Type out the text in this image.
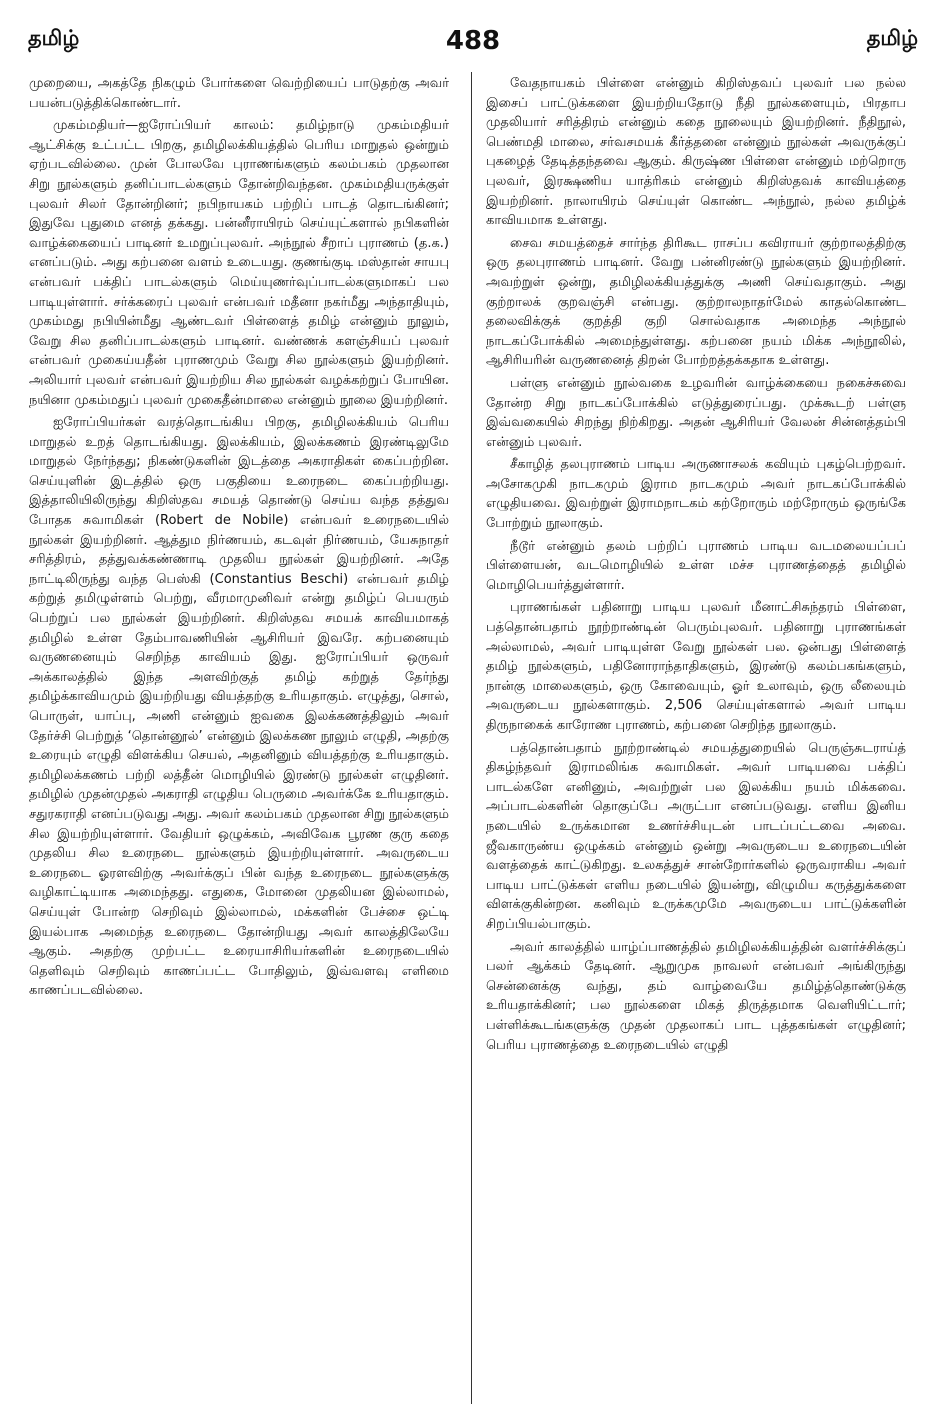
தமிழ்	488	தமிழ்

முறையை, அகத்தே நிகழும் போர்களை வெற்றியைப் பாடுதற்கு அவர் பயன்படுத்திக்கொண்டார்.

முகம்மதியர்—ஐரோப்பியர் காலம்: தமிழ்நாடு முகம்மதியர் ஆட்சிக்கு உட்பட்ட பிறகு, தமிழிலக்கியத்தில் பெரிய மாறுதல் ஒன்றும் ஏற்படவில்லை. முன் போலவே புராணங்களும் கலம்பகம் முதலான சிறு நூல்களும் தனிப்பாடல்களும் தோன்றிவந்தன. முகம்மதியருக்குள் புலவர் சிலர் தோன்றினர்; நபிநாயகம் பற்றிப் பாடத் தொடங்கினர்; இதுவே புதுமை எனத் தக்கது. பன்னீராயிரம் செய்யுட்களால் நபிகளின் வாழ்க்கையைப் பாடினர் உமறுப்புலவர். அந்நூல் சீறாப் புராணம் (த.க.) எனப்படும். அது கற்பனை வளம் உடையது. குணங்குடி மஸ்தான் சாயபு என்பவர் பக்திப் பாடல்களும் மெய்யுணர்வுப்பாடல்களுமாகப் பல பாடியுள்ளார். சர்க்கரைப் புலவர் என்பவர் மதீனா நகர்மீது அந்தாதியும், முகம்மது நபியின்மீது ஆண்டவர் பிள்ளைத் தமிழ் என்னும் நூலும், வேறு சில தனிப்பாடல்களும் பாடினர். வண்ணக் களஞ்சியப் புலவர் என்பவர் முகைய்யதீன் புராணமும் வேறு சில நூல்களும் இயற்றினர். அலியார் புலவர் என்பவர் இயற்றிய சில நூல்கள் வழக்கற்றுப் போயின. நயினா முகம்மதுப் புலவர் முகைதீன்மாலை என்னும் நூலை இயற்றினர்.

ஐரோப்பியர்கள் வரத்தொடங்கிய பிறகு, தமிழிலக்கியம் பெரிய மாறுதல் உறத் தொடங்கியது. இலக்கியம், இலக்கணம் இரண்டிலுமே மாறுதல் நேர்ந்தது; நிகண்டுகளின் இடத்தை அகராதிகள் கைப்பற்றின. செய்யுளின் இடத்தில் ஒரு பகுதியை உரைநடை கைப்பற்றியது. இத்தாலியிலிருந்து கிறிஸ்தவ சமயத் தொண்டு செய்ய வந்த தத்துவ போதக சுவாமிகள் (Robert de Nobile) என்பவர் உரைநடையில் நூல்கள் இயற்றினர். ஆத்தும நிர்ணயம், கடவுள் நிர்ணயம், யேசுநாதர் சரித்திரம், தத்துவக்கண்ணாடி முதலிய நூல்கள் இயற்றினர். அதே நாட்டிலிருந்து வந்த பெஸ்கி (Constantius Beschi) என்பவர் தமிழ் கற்றுத் தமிழுள்ளம் பெற்று, வீரமாமுனிவர் என்று தமிழ்ப் பெயரும் பெற்றுப் பல நூல்கள் இயற்றினர். கிறிஸ்தவ சமயக் காவியமாகத் தமிழில் உள்ள தேம்பாவணியின் ஆசிரியர் இவரே. கற்பனையும் வருணனையும் செறிந்த காவியம் இது. ஐரோப்பியர் ஒருவர் அக்காலத்தில் இந்த அளவிற்குத் தமிழ் கற்றுத் தேர்ந்து தமிழ்க்காவியமும் இயற்றியது வியத்தற்கு உரியதாகும். எழுத்து, சொல், பொருள், யாப்பு, அணி என்னும் ஐவகை இலக்கணத்திலும் அவர் தேர்ச்சி பெற்றுத் ‘தொன்னூல்’ என்னும் இலக்கண நூலும் எழுதி, அதற்கு உரையும் எழுதி விளக்கிய செயல், அதனினும் வியத்தற்கு உரியதாகும். தமிழிலக்கணம் பற்றி லத்தீன் மொழியில் இரண்டு நூல்கள் எழுதினர். தமிழில் முதன்முதல் அகராதி எழுதிய பெருமை அவர்க்கே உரியதாகும். சதுரகராதி எனப்படுவது அது. அவர் கலம்பகம் முதலான சிறு நூல்களும் சில இயற்றியுள்ளார். வேதியர் ஒழுக்கம், அவிவேக பூரண குரு கதை முதலிய சில உரைநடை நூல்களும் இயற்றியுள்ளார். அவருடைய உரைநடை ஓரளவிற்கு அவர்க்குப் பின் வந்த உரைநடை நூல்களுக்கு வழிகாட்டியாக அமைந்தது. எதுகை, மோனை முதலியன இல்லாமல், செய்யுள் போன்ற செறிவும் இல்லாமல், மக்களின் பேச்சை ஒட்டி இயல்பாக அமைந்த உரைநடை தோன்றியது அவர் காலத்திலேயே ஆகும். அதற்கு முற்பட்ட உரையாசிரியர்களின் உரைநடையில் தெளிவும் செறிவும் காணப்பட்ட போதிலும், இவ்வளவு எளிமை காணப்படவில்லை.

வேதநாயகம் பிள்ளை என்னும் கிறிஸ்தவப் புலவர் பல நல்ல இசைப் பாட்டுக்களை இயற்றியதோடு நீதி நூல்களையும், பிரதாப முதலியார் சரித்திரம் என்னும் கதை நூலையும் இயற்றினர். நீதிநூல், பெண்மதி மாலை, சர்வசமயக் கீர்த்தனை என்னும் நூல்கள் அவருக்குப் புகழைத் தேடித்தந்தவை ஆகும். கிருஷ்ண பிள்ளை என்னும் மற்றொரு புலவர், இரக்ஷணிய யாத்ரிகம் என்னும் கிறிஸ்தவக் காவியத்தை இயற்றினர். நாலாயிரம் செய்யுள் கொண்ட அந்நூல், நல்ல தமிழ்க் காவியமாக உள்ளது.

சைவ சமயத்தைச் சார்ந்த திரிகூட ராசப்ப கவிராயர் குற்றாலத்திற்கு ஒரு தலபுராணம் பாடினர். வேறு பன்னிரண்டு நூல்களும் இயற்றினர். அவற்றுள் ஒன்று, தமிழிலக்கியத்துக்கு அணி செய்வதாகும். அது குற்றாலக் குறவஞ்சி என்பது. குற்றாலநாதர்மேல் காதல்கொண்ட தலைவிக்குக் குறத்தி குறி சொல்வதாக அமைந்த அந்நூல் நாடகப்போக்கில் அமைந்துள்ளது. கற்பனை நயம் மிக்க அந்நூலில், ஆசிரியரின் வருணனைத் திறன் போற்றத்தக்கதாக உள்ளது.

பள்ளு என்னும் நூல்வகை உழவரின் வாழ்க்கையை நகைச்சுவை தோன்ற சிறு நாடகப்போக்கில் எடுத்துரைப்பது. முக்கூடற் பள்ளு இவ்வகையில் சிறந்து நிற்கிறது. அதன் ஆசிரியர் வேலன் சின்னத்தம்பி என்னும் புலவர்.

சீகாழித் தலபுராணம் பாடிய அருணாசலக் கவியும் புகழ்பெற்றவர். அசோகமுகி நாடகமும் இராம நாடகமும் அவர் நாடகப்போக்கில் எழுதியவை. இவற்றுள் இராமநாடகம் கற்றோரும் மற்றோரும் ஒருங்கே போற்றும் நூலாகும்.

நீடூர் என்னும் தலம் பற்றிப் புராணம் பாடிய வடமலையப்பப் பிள்ளையன், வடமொழியில் உள்ள மச்ச புராணத்தைத் தமிழில் மொழிபெயர்த்துள்ளார்.

புராணங்கள் பதினாறு பாடிய புலவர் மீனாட்சிசுந்தரம் பிள்ளை, பத்தொன்பதாம் நூற்றாண்டின் பெரும்புலவர். பதினாறு புராணங்கள் அல்லாமல், அவர் பாடியுள்ள வேறு நூல்கள் பல. ஒன்பது பிள்ளைத் தமிழ் நூல்களும், பதினோராந்தாதிகளும், இரண்டு கலம்பகங்களும், நான்கு மாலைகளும், ஒரு கோவையும், ஓர் உலாவும், ஒரு லீலையும் அவருடைய நூல்களாகும். 2,506 செய்யுள்களால் அவர் பாடிய திருநாகைக் காரோண புராணம், கற்பனை செறிந்த நூலாகும்.

பத்தொன்பதாம் நூற்றாண்டில் சமயத்துறையில் பெருஞ்சுடராய்த் திகழ்ந்தவர் இராமலிங்க சுவாமிகள். அவர் பாடியவை பக்திப் பாடல்களே எனினும், அவற்றுள் பல இலக்கிய நயம் மிக்கவை. அப்பாடல்களின் தொகுப்பே அருட்பா எனப்படுவது. எளிய இனிய நடையில் உருக்கமான உணர்ச்சியுடன் பாடப்பட்டவை அவை. ஜீவகாருண்ய ஒழுக்கம் என்னும் ஒன்று அவருடைய உரைநடையின் வளத்தைக் காட்டுகிறது. உலகத்துச் சான்றோர்களில் ஒருவராகிய அவர் பாடிய பாட்டுக்கள் எளிய நடையில் இயன்று, விழுமிய கருத்துக்களை விளக்குகின்றன. கனிவும் உருக்கமுமே அவருடைய பாட்டுக்களின் சிறப்பியல்பாகும்.

அவர் காலத்தில் யாழ்ப்பாணத்தில் தமிழிலக்கியத்தின் வளர்ச்சிக்குப் பலர் ஆக்கம் தேடினர். ஆறுமுக நாவலர் என்பவர் அங்கிருந்து சென்னைக்கு வந்து, தம் வாழ்வையே தமிழ்த்தொண்டுக்கு உரியதாக்கினர்; பல நூல்களை மிகத் திருத்தமாக வெளியிட்டார்; பள்ளிக்கூடங்களுக்கு முதன் முதலாகப் பாட புத்தகங்கள் எழுதினர்; பெரிய புராணத்தை உரைநடையில் எழுதி
